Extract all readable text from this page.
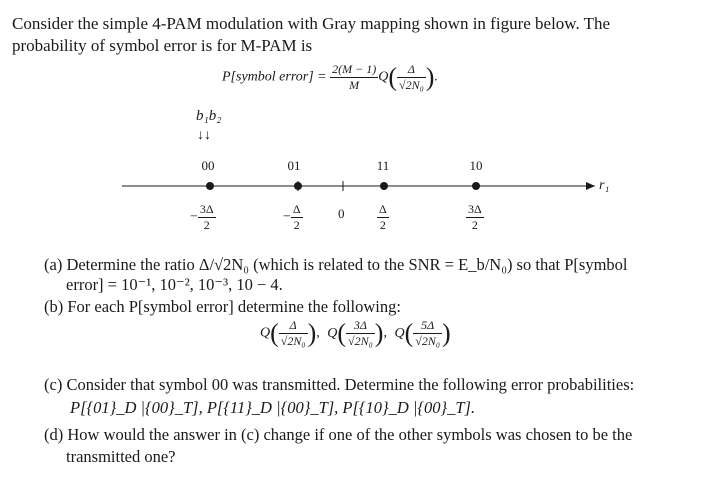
Consider the simple 4-PAM modulation with Gray mapping shown in figure below. The
probability of symbol error is for M-PAM is
P[symbol error] = $\frac{2(M - 1)}{M} Q( \frac{\Delta}{\text{√2N₀}}$ ).
b₁b₂
↓↓
00	01	11	10
r₁
− $\frac{3\Delta}{2}$	− $\frac{\Delta}{2}$	0	$\frac{\Delta}{2}$	$\frac{3\Delta}{2}$
(a) Determine the ratio Δ/√2N₀ (which is related to the SNR = E_b/N₀) so that P[symbol
error] = 10⁻¹, 10⁻², 10⁻³, 10 − 4.
(b) For each P[symbol error] determine the following:
$Q( \frac{\Delta}{\text{√2N₀}}$ ), $Q( \frac{3\Delta}{\text{√2N₀}}$ ), $Q( \frac{5\Delta}{\text{√2N₀}}$ )
(c) Consider that symbol 00 was transmitted. Determine the following error probabilities:
P[{01}_D |{00}_T], P[{11}_D |{00}_T], P[{10}_D |{00}_T].
(d) How would the answer in (c) change if one of the other symbols was chosen to be the
transmitted one?
